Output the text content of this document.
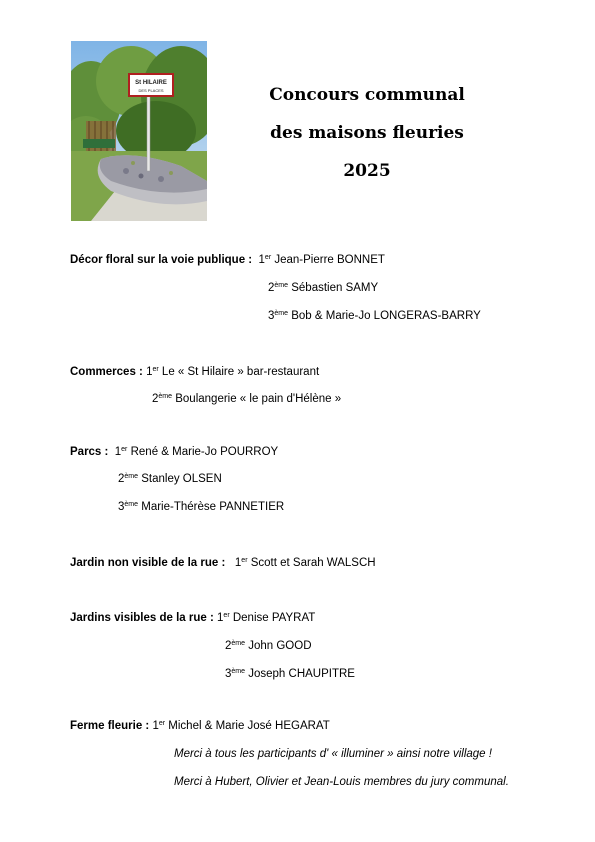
St HILAIRE
DES PLACES	Concours communal
des maisons fleuries
2025
Décor floral sur la voie publique : 1er Jean-Pierre BONNET
2ème Sébastien SAMY
3ème Bob & Marie-Jo LONGERAS-BARRY
Commerces : 1er Le « St Hilaire » bar-restaurant
2ème Boulangerie « le pain d'Hélène »
Parcs : 1er René & Marie-Jo POURROY
2ème Stanley OLSEN
3ème Marie-Thérèse PANNETIER
Jardin non visible de la rue : 1er Scott et Sarah WALSCH
Jardins visibles de la rue : 1er Denise PAYRAT
2ème John GOOD
3ème Joseph CHAUPITRE
Ferme fleurie : 1er Michel & Marie José HEGARAT
Merci à tous les participants d' « illuminer » ainsi notre village !
Merci à Hubert, Olivier et Jean-Louis membres du jury communal.
